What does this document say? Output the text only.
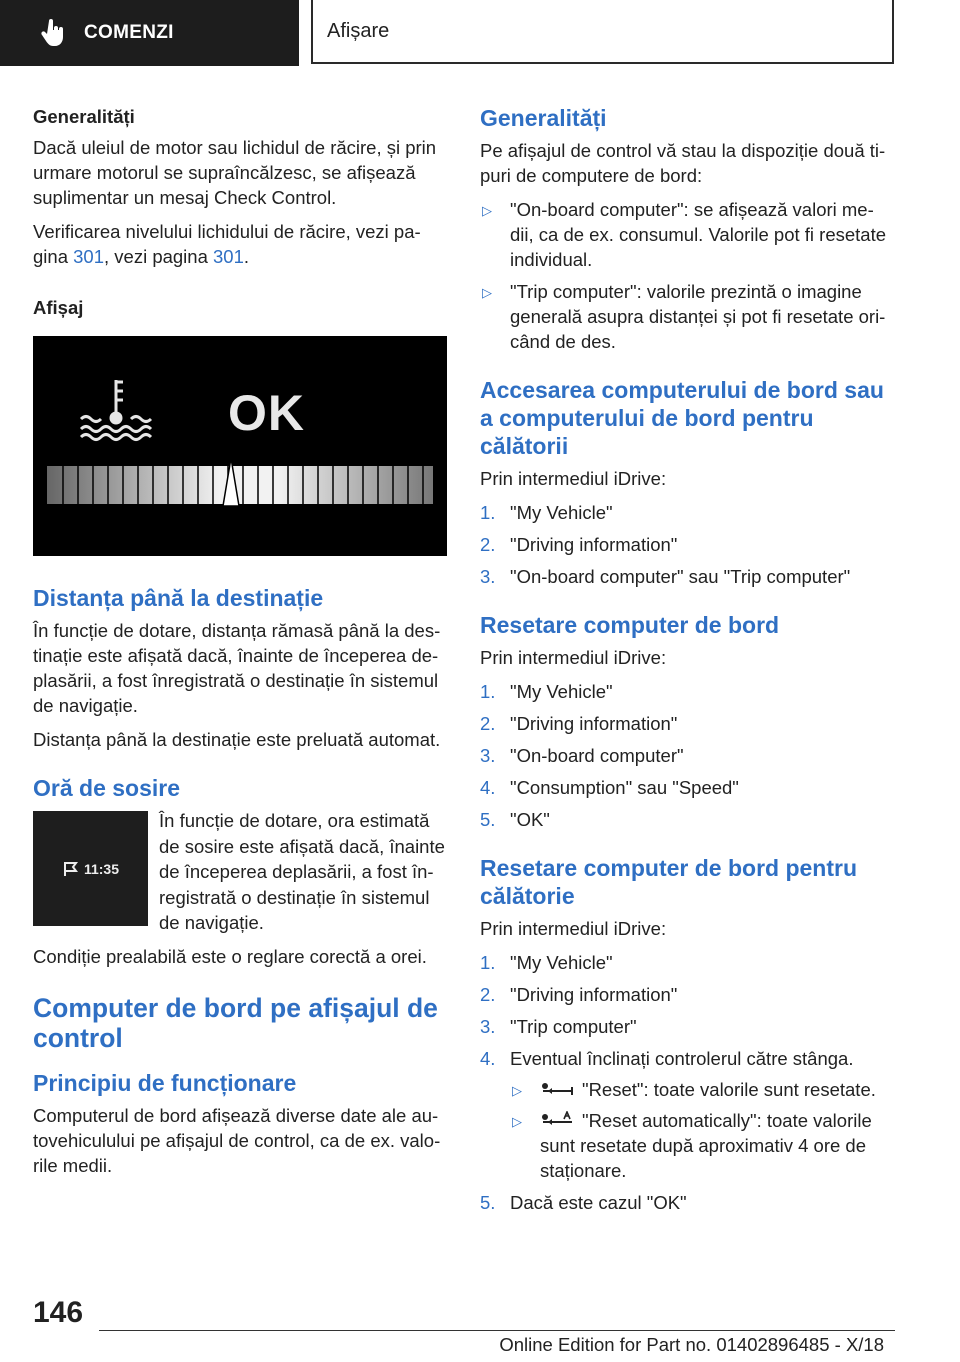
COMENZI	Afișare
Generalități

Dacă uleiul de motor sau lichidul de răcire, și prin urmare motorul se supraîncălzesc, se afișează suplimentar un mesaj Check Control.

Verificarea nivelului lichidului de răcire, vezi pa-gina 301, vezi pagina 301.

Afișaj
OK
Distanța până la destinație

În funcție de dotare, distanța rămasă până la des-tinație este afișată dacă, înainte de începerea de-plasării, a fost înregistrată o destinație în sistemul de navigație.

Distanța până la destinație este preluată automat.

Oră de sosire
11:35
În funcție de dotare, ora estimată de sosire este afișată dacă, înainte de începerea deplasării, a fost în-registrată o destinație în sistemul de navigație.

Condiție prealabilă este o reglare corectă a orei.

Computer de bord pe afișajul de control
Principiu de funcționare

Computerul de bord afișează diverse date ale au-tovehiculului pe afișajul de control, ca de ex. valo-rile medii.

Generalități

Pe afișajul de control vă stau la dispoziție două ti-puri de computere de bord:

▷ "On-board computer": se afișează valori me-dii, ca de ex. consumul. Valorile pot fi resetate individual.
▷ "Trip computer": valorile prezintă o imagine generală asupra distanței și pot fi resetate ori-când de des.
Accesarea computerului de bord sau a computerului de bord pentru călătorii

Prin intermediul iDrive:

1. "My Vehicle"
2. "Driving information"
3. "On-board computer" sau "Trip computer"
Resetare computer de bord

Prin intermediul iDrive:

1. "My Vehicle"
2. "Driving information"
3. "On-board computer"
4. "Consumption" sau "Speed"
5. "OK"
Resetare computer de bord pentru călătorie

Prin intermediul iDrive:

1. "My Vehicle"
2. "Driving information"
3. "Trip computer"
4. Eventual înclinați controlerul către stânga.
▷	"Reset": toate valorile sunt resetate.
▷	"Reset automatically": toate valorile sunt resetate după aproximativ 4 ore de staționare.
5. Dacă este cazul "OK"
146
Online Edition for Part no. 01402896485 - X/18
